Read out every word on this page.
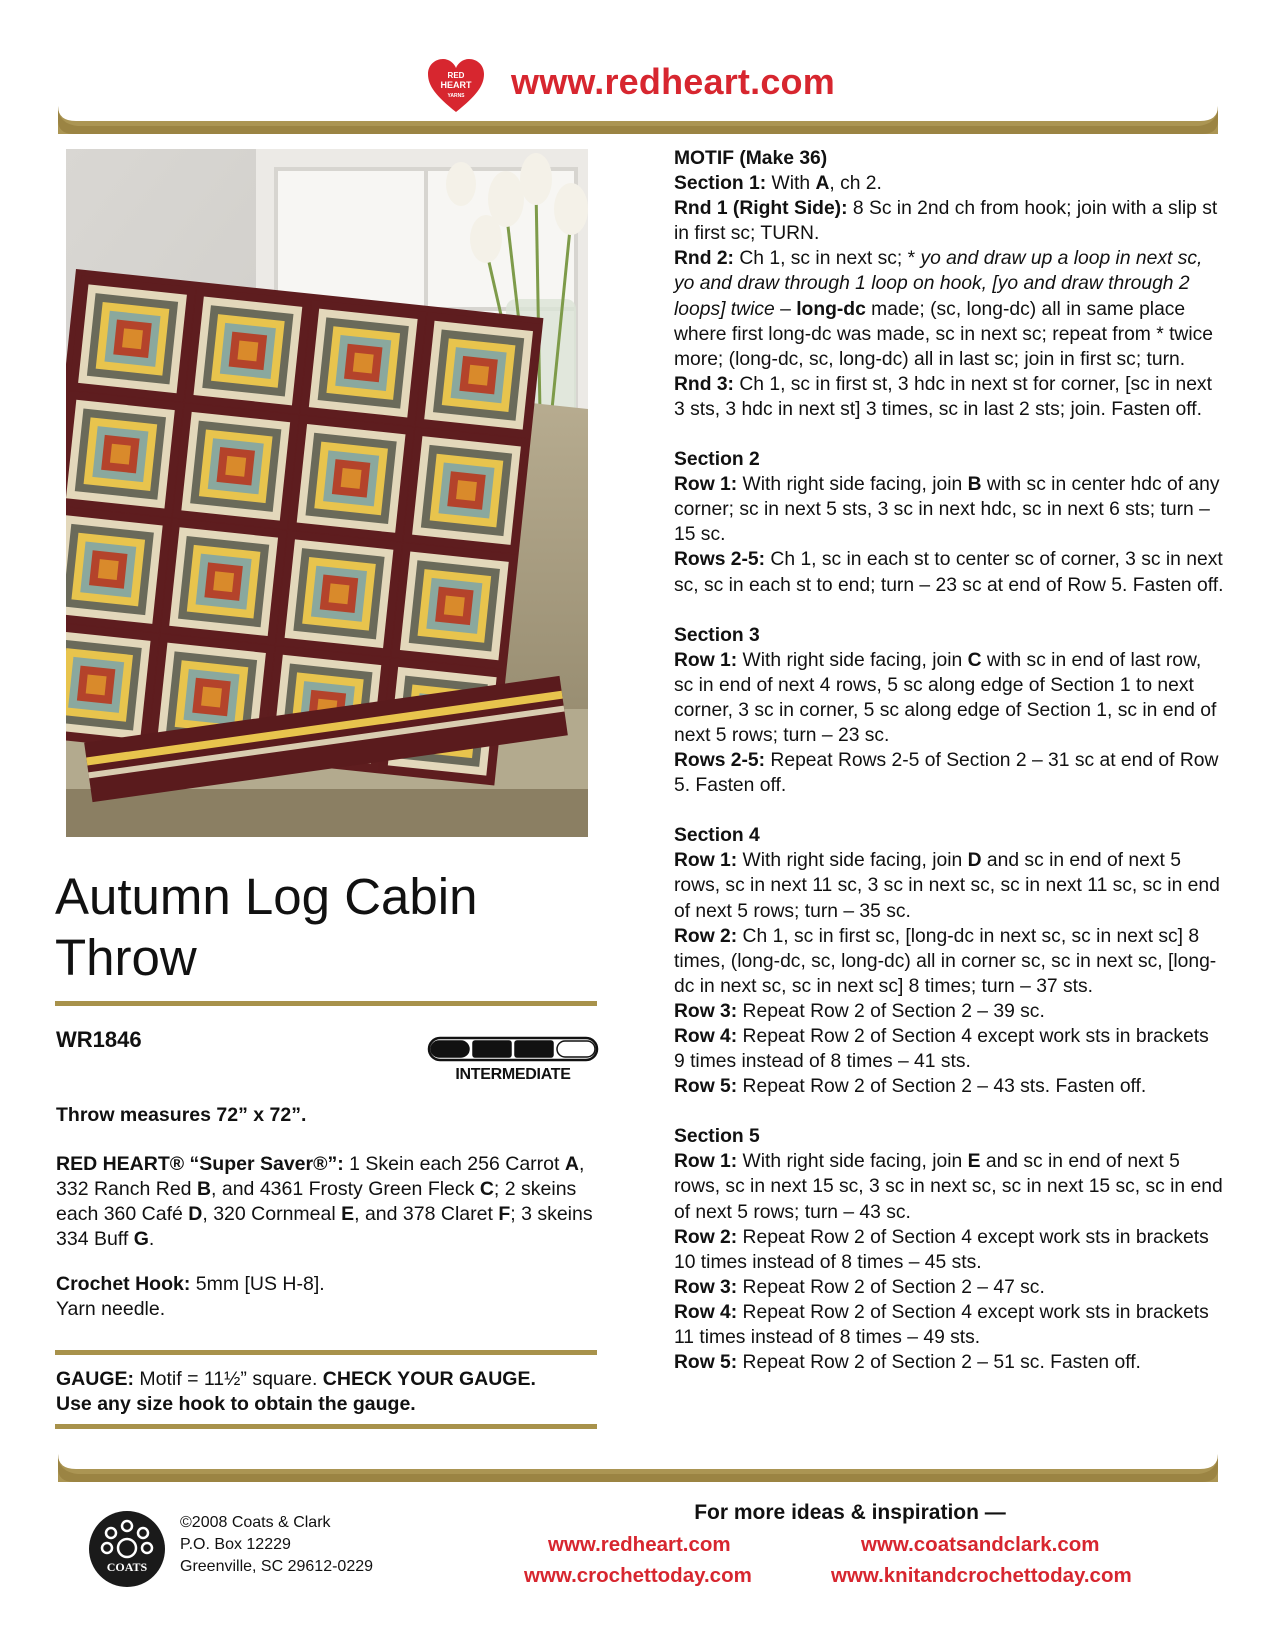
RED
HEART
YARNS www.redheart.com
Autumn Log Cabin
Throw
WR1846
INTERMEDIATE
Throw measures 72” x 72”.
RED HEART® “Super Saver®”: 1 Skein each 256 Carrot A, 332 Ranch Red B, and 4361 Frosty Green Fleck C; 2 skeins each 360 Café D, 320 Cornmeal E, and 378 Claret F; 3 skeins 334 Buff G.
Crochet Hook: 5mm [US H-8].
Yarn needle.
GAUGE: Motif = 11½” square. CHECK YOUR GAUGE.
Use any size hook to obtain the gauge.

MOTIF (Make 36)

Section 1: With A, ch 2.

Rnd 1 (Right Side): 8 Sc in 2nd ch from hook; join with a slip st in first sc; TURN.

Rnd 2: Ch 1, sc in next sc; * yo and draw up a loop in next sc, yo and draw through 1 loop on hook, [yo and draw through 2 loops] twice – long-dc made; (sc, long-dc) all in same place where first long-dc was made, sc in next sc; repeat from * twice more; (long-dc, sc, long-dc) all in last sc; join in first sc; turn.

Rnd 3: Ch 1, sc in first st, 3 hdc in next st for corner, [sc in next 3 sts, 3 hdc in next st] 3 times, sc in last 2 sts; join. Fasten off.

Section 2

Row 1: With right side facing, join B with sc in center hdc of any corner; sc in next 5 sts, 3 sc in next hdc, sc in next 6 sts; turn – 15 sc.

Rows 2-5: Ch 1, sc in each st to center sc of corner, 3 sc in next sc, sc in each st to end; turn – 23 sc at end of Row 5. Fasten off.

Section 3

Row 1: With right side facing, join C with sc in end of last row, sc in end of next 4 rows, 5 sc along edge of Section 1 to next corner, 3 sc in corner, 5 sc along edge of Section 1, sc in end of next 5 rows; turn – 23 sc.

Rows 2-5: Repeat Rows 2-5 of Section 2 – 31 sc at end of Row 5. Fasten off.

Section 4

Row 1: With right side facing, join D and sc in end of next 5 rows, sc in next 11 sc, 3 sc in next sc, sc in next 11 sc, sc in end of next 5 rows; turn – 35 sc.

Row 2: Ch 1, sc in first sc, [long-dc in next sc, sc in next sc] 8 times, (long-dc, sc, long-dc) all in corner sc, sc in next sc, [long-dc in next sc, sc in next sc] 8 times; turn – 37 sts.

Row 3: Repeat Row 2 of Section 2 – 39 sc.

Row 4: Repeat Row 2 of Section 4 except work sts in brackets 9 times instead of 8 times – 41 sts.

Row 5: Repeat Row 2 of Section 2 – 43 sts. Fasten off.

Section 5

Row 1: With right side facing, join E and sc in end of next 5 rows, sc in next 15 sc, 3 sc in next sc, sc in next 15 sc, sc in end of next 5 rows; turn – 43 sc.

Row 2: Repeat Row 2 of Section 4 except work sts in brackets 10 times instead of 8 times – 45 sts.

Row 3: Repeat Row 2 of Section 2 – 47 sc.

Row 4: Repeat Row 2 of Section 4 except work sts in brackets 11 times instead of 8 times – 49 sts.

Row 5: Repeat Row 2 of Section 2 – 51 sc. Fasten off.

COATS
©2008 Coats & Clark
P.O. Box 12229
Greenville, SC 29612-0229
For more ideas & inspiration —
www.redheart.com	www.coatsandclark.com
www.crochettoday.com	www.knitandcrochettoday.com
